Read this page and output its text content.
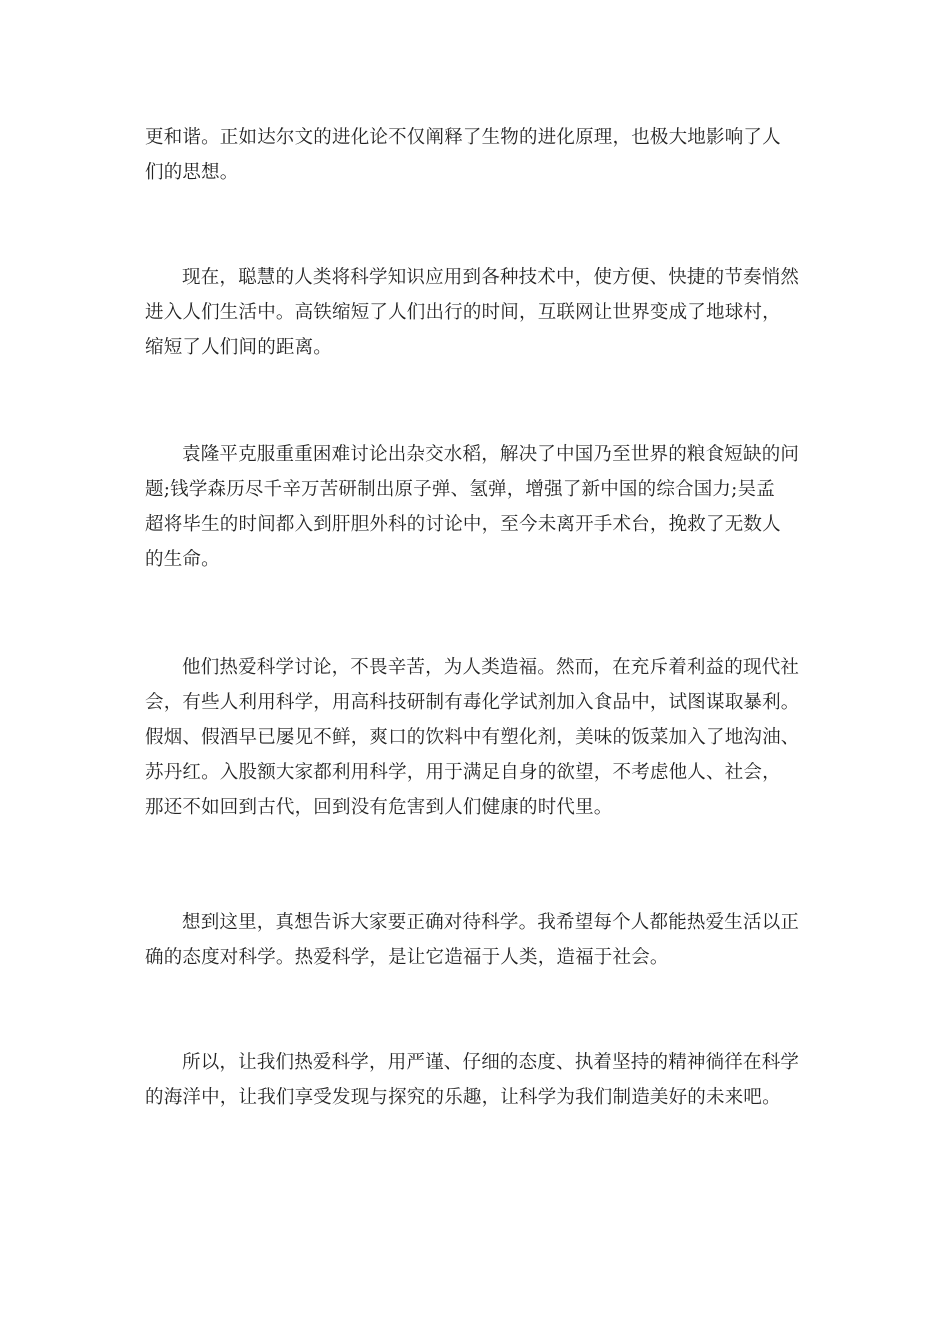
更和谐。正如达尔文的进化论不仅阐释了生物的进化原理，也极大地影响了人
们的思想。

现在，聪慧的人类将科学知识应用到各种技术中，使方便、快捷的节奏悄然
进入人们生活中。高铁缩短了人们出行的时间，互联网让世界变成了地球村，
缩短了人们间的距离。

袁隆平克服重重困难讨论出杂交水稻，解决了中国乃至世界的粮食短缺的问
题;钱学森历尽千辛万苦研制出原子弹、氢弹，增强了新中国的综合国力;吴孟
超将毕生的时间都入到肝胆外科的讨论中，至今未离开手术台，挽救了无数人
的生命。

他们热爱科学讨论，不畏辛苦，为人类造福。然而，在充斥着利益的现代社
会，有些人利用科学，用高科技研制有毒化学试剂加入食品中，试图谋取暴利。
假烟、假酒早已屡见不鲜，爽口的饮料中有塑化剂，美味的饭菜加入了地沟油、
苏丹红。入股额大家都利用科学，用于满足自身的欲望，不考虑他人、社会，
那还不如回到古代，回到没有危害到人们健康的时代里。

想到这里，真想告诉大家要正确对待科学。我希望每个人都能热爱生活以正
确的态度对科学。热爱科学，是让它造福于人类，造福于社会。

所以，让我们热爱科学，用严谨、仔细的态度、执着坚持的精神徜徉在科学
的海洋中，让我们享受发现与探究的乐趣，让科学为我们制造美好的未来吧。
